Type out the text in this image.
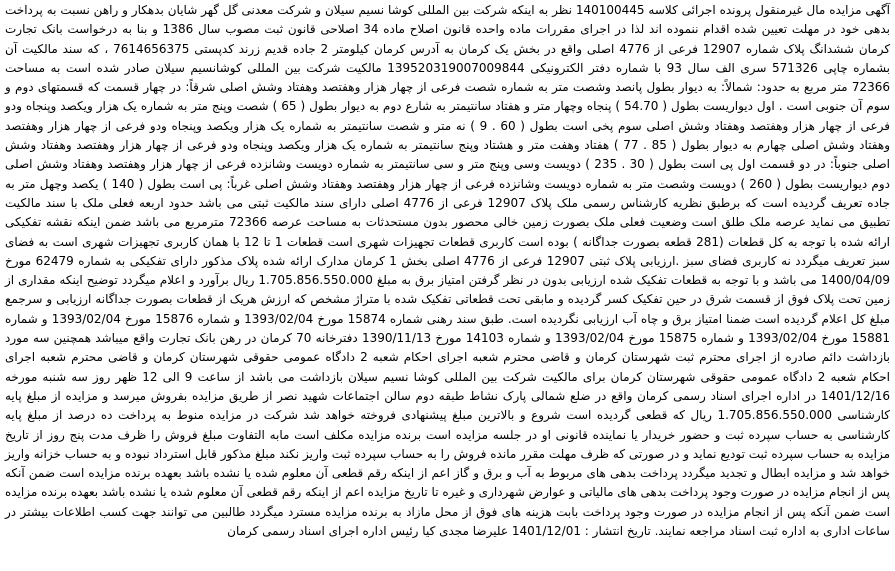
آگهی مزایده مال غیرمنقول پرونده اجرائی کلاسه 140100445 نظر به اینکه شرکت بین المللی کوشا نسیم سیلان و شرکت معدنی گل گهر شایان بدهکار و راهن نسبت به پرداخت بدهی خود در مهلت تعیین شده اقدام ننموده اند لذا در اجرای مقررات ماده واحده قانون اصلاح ماده 34 اصلاحی قانون ثبت مصوب سال 1386 و بنا به درخواست بانک تجارت کرمان ششدانگ پلاک شماره 12907 فرعی از 4776 اصلی واقع در بخش یک کرمان به آدرس کرمان کیلومتر 2 جاده قدیم زرند کدپستی 7614656375 ، که سند مالکیت آن بشماره چاپی 571326 سری الف سال 93 با شماره دفتر الکترونیکی 139520319007009844 مالکیت شرکت بین المللی کوشانسیم سیلان صادر شده است به مساحت 72366 متر مربع به حدود: شمالاً: به دیوار بطول پانصد وشصت متر به شماره شصت فرعی از چهار هزار وهفتصد وهفتاد وشش اصلی شرقاً: در چهار قسمت که قسمتهای دوم و سوم آن جنوبی است . اول دیواریست بطول ( 54.70 ) پنجاه وچهار متر و هفتاد سانتیمتر به شارع دوم به دیوار بطول ( 65 ) شصت وپنج متر به شماره یک هزار ویکصد وپنجاه ودو فرعی از چهار هزار وهفتصد وهفتاد وشش اصلی سوم پخی است بطول ( 60 . 9 ) نه متر و شصت سانتیمتر به شماره یک هزار ویکصد وپنجاه ودو فرعی از چهار هزار وهفتصد وهفتاد وشش اصلی چهارم به دیوار بطول ( 85 . 77 ) هفتاد وهفت متر و هشتاد وپنج سانتیمتر به شماره یک هزار ویکصد وپنجاه ودو فرعی از چهار هزار وهفتصد وهفتاد وشش اصلی جنوباً: در دو قسمت اول پی است بطول ( 30 . 235 ) دویست وسی وپنج متر و سی سانتیمتر به شماره دویست وشانزده فرعی از چهار هزار وهفتصد وهفتاد وشش اصلی دوم دیواریست بطول ( 260 ) دویست وشصت متر به شماره دویست وشانزده فرعی از چهار هزار وهفتصد وهفتاد وشش اصلی غرباً: پی است بطول ( 140 ) یکصد وچهل متر به جاده تعریف گردیده است که برطبق نظریه کارشناس رسمی ملک پلاک 12907 فرعی از 4776 اصلی دارای سند مالکیت ثبتی می باشد حدود اربعه فعلی ملک با سند مالکیت تطبیق می نماید عرصه ملک طلق است وضعیت فعلی ملک بصورت زمین خالی محصور بدون مستحدثات به مساحت عرصه 72366 مترمربع می باشد ضمن اینکه نقشه تفکیکی ارائه شده با توجه به کل قطعات (281 قطعه بصورت جداگانه ) بوده است کاربری قطعات تجهیزات شهری است قطعات 1 تا 12 با همان کاربری تجهیزات شهری است به فضای سبز تعریف میگردد نه کاربری فضای سبز .ارزیابی پلاک ثبتی 12907 فرعی از 4776 اصلی بخش 1 کرمان مدارک ارائه شده پلاک مذکور دارای تفکیکی به شماره 62479 مورخ 1400/04/09 می باشد و با توجه به قطعات تفکیک شده ارزیابی بدون در نظر گرفتن امتیاز برق به مبلغ 1.705.856.550.000 ریال برآورد و اعلام میگردد توضیح اینکه مقداری از زمین تحت پلاک فوق از قسمت شرق در حین تفکیک کسر گردیده و مابقی تحت قطعاتی تفکیک شده با متراژ مشخص که ارزش هریک از قطعات بصورت جداگانه ارزیابی و سرجمع مبلغ کل اعلام گردیده است ضمنا امتیاز برق و چاه آب ارزیابی نگردیده است. طبق سند رهنی شماره 15874 مورخ 1393/02/04 و شماره 15876 مورخ 1393/02/04 و شماره 15881 مورخ 1393/02/04 و شماره 15875 مورخ 1393/02/04 و شماره 14103 مورخ 1390/11/13 دفترخانه 70 کرمان در رهن بانک تجارت واقع میباشد همچنین سه مورد بازداشت دائم صادره از اجرای محترم ثبت شهرستان کرمان و قاضی محترم شعبه اجرای احکام شعبه 2 دادگاه عمومی حقوقی شهرستان کرمان و قاضی محترم شعبه اجرای احکام شعبه 2 دادگاه عمومی حقوقی شهرستان کرمان برای مالکیت شرکت بین المللی کوشا نسیم سیلان بازداشت می باشد از ساعت 9 الی 12 ظهر روز سه شنبه مورخه 1401/12/16 در اداره اجرای اسناد رسمی کرمان واقع در ضلع شمالی پارک نشاط طبقه دوم سالن اجتماعات شهید نصر از طریق مزایده بفروش میرسد و مزایده از مبلغ پایه کارشناسی 1.705.856.550.000 ریال که قطعی گردیده است شروع و بالاترین مبلغ پیشنهادی فروخته خواهد شد شرکت در مزایده منوط به پرداخت ده درصد از مبلغ پایه کارشناسی به حساب سپرده ثبت و حضور خریدار یا نماینده قانونی او در جلسه مزایده است برنده مزایده مکلف است مابه التفاوت مبلغ فروش را ظرف مدت پنج روز از تاریخ مزایده به حساب سپرده ثبت تودیع نماید و در صورتی که ظرف مهلت مقرر مانده فروش را به حساب سپرده ثبت واریز نکند مبلغ مذکور قابل استرداد نبوده و به حساب خزانه واریز خواهد شد و مزایده ابطال و تجدید میگردد پرداخت بدهی های مربوط به آب و برق و گاز اعم از اینکه رقم قطعی آن معلوم شده یا نشده باشد بعهده برنده مزایده است ضمن آنکه پس از انجام مزایده در صورت وجود پرداخت بدهی های مالیاتی و عوارض شهرداری و غیره تا تاریخ مزایده اعم از اینکه رقم قطعی آن معلوم شده یا نشده باشد بعهده برنده مزایده است ضمن آنکه پس از انجام مزایده در صورت وجود پرداخت بابت هزینه های فوق از محل مازاد به برنده مزایده مسترد میگردد طالبین می توانند جهت کسب اطلاعات بیشتر در ساعات اداری به اداره ثبت اسناد مراجعه نمایند. تاریخ انتشار : 1401/12/01 علیرضا مجدی کیا رئیس اداره اجرای اسناد رسمی کرمان
